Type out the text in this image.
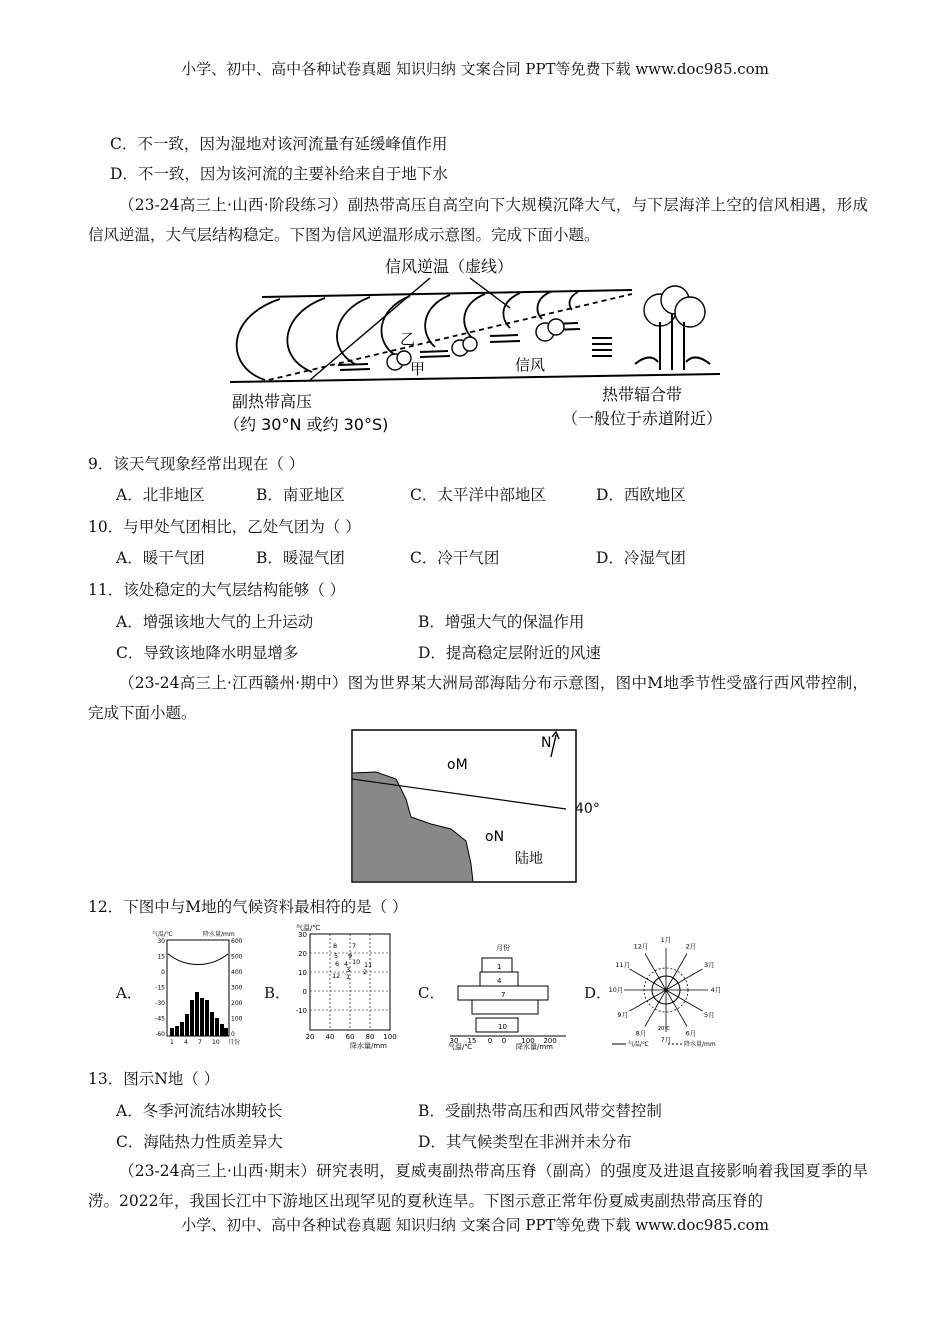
小学、初中、高中各种试卷真题 知识归纳 文案合同 PPT等免费下载 www.doc985.com
C．不一致，因为湿地对该河流量有延缓峰值作用
D．不一致，因为该河流的主要补给来自于地下水
（23-24高三上·山西·阶段练习）副热带高压自高空向下大规模沉降大气，与下层海洋上空的信风相遇，形成信风逆温，大气层结构稳定。下图为信风逆温形成示意图。完成下面小题。
信风逆温（虚线）
乙
甲	信风
副热带高压
（约 30°N 或约 30°S)
热带辐合带
（一般位于赤道附近）
9．该天气现象经常出现在（ ）
A．北非地区	B．南亚地区	C．太平洋中部地区	D．西欧地区
10．与甲处气团相比，乙处气团为（ ）
A．暖干气团	B．暖湿气团	C．冷干气团	D．冷湿气团
11．该处稳定的大气层结构能够（ ）
A．增强该地大气的上升运动	B．增强大气的保温作用
C．导致该地降水明显增多	D．提高稳定层附近的风速
（23-24高三上·江西赣州·期中）图为世界某大洲局部海陆分布示意图，图中M地季节性受盛行西风带控制，完成下面小题。
N
oM
oN
陆地
40°
12．下图中与M地的气候资料最相符的是（ ）
A．	B．	C．	D．
气温/℃	降水量/mm
30
15
0
-15
-30
-45
-60
600
500
400
300
200
100
0
1 4 7 10 月份
气温/℃
30
20
10
0
-10
20 40 60 80 100
8 7
5 9
6 4
3
10 11
2
12 1
降水量/mm
月份
1
4
7
10
30 15 0 0 100 200
气温/℃	降水量/mm
1月
2月
3月
4月
5月
6月
7月
8月
9月
10月
11月
12月
20℃
气温/℃	降水量/mm
13．图示N地（ ）
A．冬季河流结冰期较长	B．受副热带高压和西风带交替控制
C．海陆热力性质差异大	D．其气候类型在非洲并未分布
（23-24高三上·山西·期末）研究表明，夏威夷副热带高压脊（副高）的强度及进退直接影响着我国夏季的旱涝。2022年，我国长江中下游地区出现罕见的夏秋连旱。下图示意正常年份夏威夷副热带高压脊的
小学、初中、高中各种试卷真题 知识归纳 文案合同 PPT等免费下载 www.doc985.com
